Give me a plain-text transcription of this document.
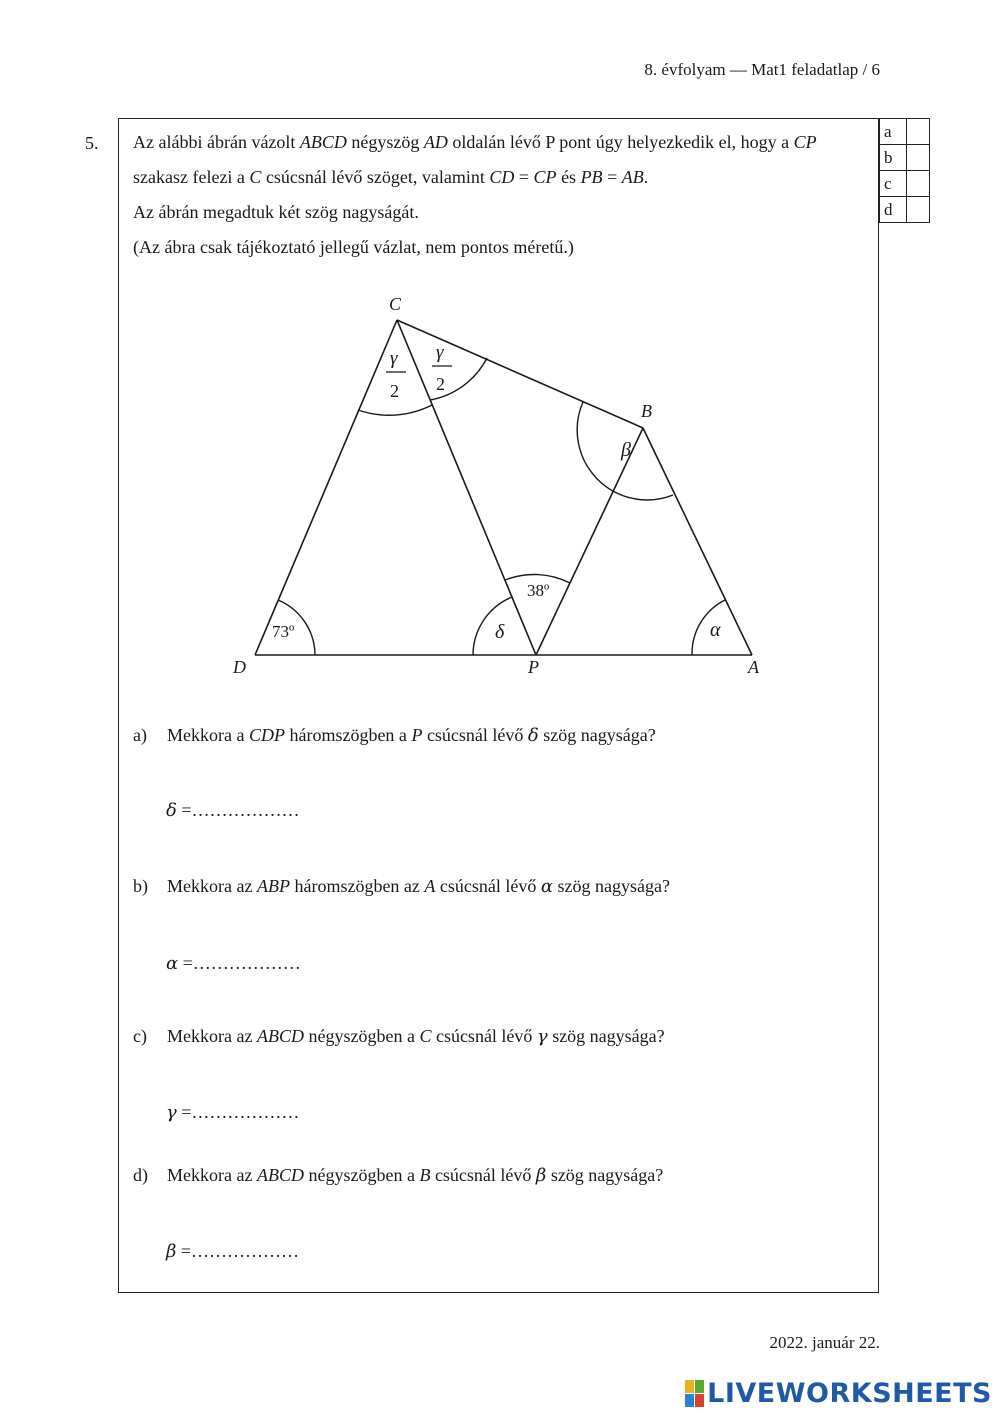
8. évfolyam — Mat1 feladatlap / 6
5.
a	
b	
c	
d	
Az alábbi ábrán vázolt ABCD négyszög AD oldalán lévő P pont úgy helyezkedik el, hogy a CP
szakasz felezi a C csúcsnál lévő szöget, valamint CD = CP és PB = AB.
Az ábrán megadtuk két szög nagyságát.
(Az ábra csak tájékoztató jellegű vázlat, nem pontos méretű.)
C
B
D	P	A
γ
2
γ
2
β
38º
73º	δ	α
a) Mekkora a CDP háromszögben a P csúcsnál lévő δ szög nagysága?
δ =………………
b) Mekkora az ABP háromszögben az A csúcsnál lévő α szög nagysága?
α =………………
c) Mekkora az ABCD négyszögben a C csúcsnál lévő γ szög nagysága?
γ =………………
d) Mekkora az ABCD négyszögben a B csúcsnál lévő β szög nagysága?
β =………………
2022. január 22.
LIVEWORKSHEETS
